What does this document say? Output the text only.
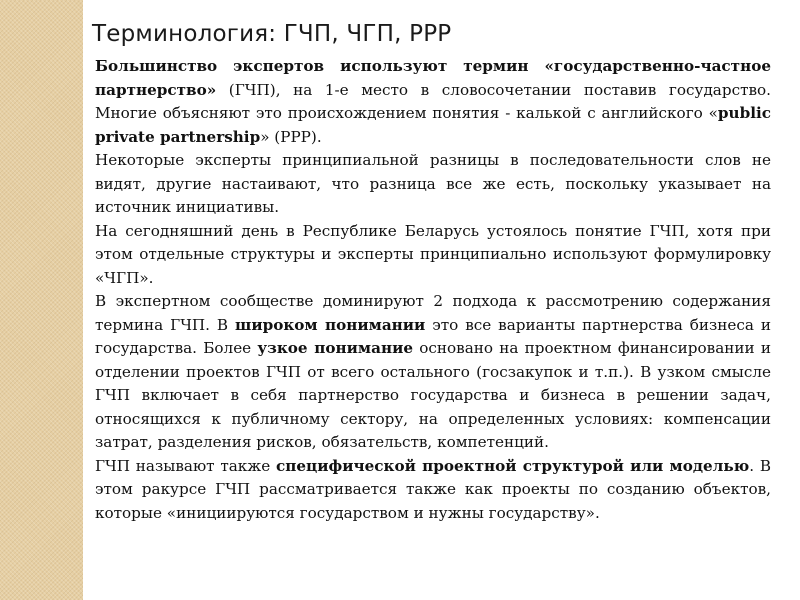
Терминология: ГЧП, ЧГП, PPP

Большинство экспертов используют термин «государственно-частное партнерство» (ГЧП), на 1-е место в словосочетании поставив государство. Многие объясняют это происхождением понятия - калькой с английского «public private partnership» (PPP).

Некоторые эксперты принципиальной разницы в последовательности слов не видят, другие настаивают, что разница все же есть, поскольку указывает на источник инициативы.

На сегодняшний день в Республике Беларусь устоялось понятие ГЧП, хотя при этом отдельные структуры и эксперты принципиально используют формулировку «ЧГП».

В экспертном сообществе доминируют 2 подхода к рассмотрению содержания термина ГЧП. В широком понимании это все варианты партнерства бизнеса и государства. Более узкое понимание основано на проектном финансировании и отделении проектов ГЧП от всего остального (госзакупок и т.п.). В узком смысле ГЧП включает в себя партнерство государства и бизнеса в решении задач, относящихся к публичному сектору, на определенных условиях: компенсации затрат, разделения рисков, обязательств, компетенций.

ГЧП называют также специфической проектной структурой или моделью. В этом ракурсе ГЧП рассматривается также как проекты по созданию объектов, которые «инициируются государством и нужны государству».
